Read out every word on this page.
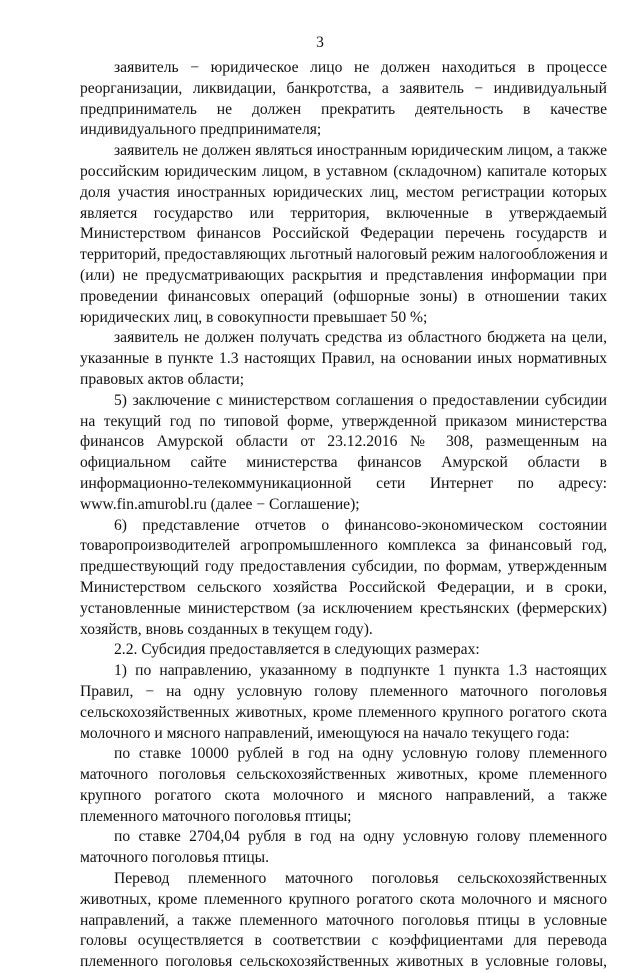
3
заявитель − юридическое лицо не должен находиться в процессе
реорганизации, ликвидации, банкротства, а заявитель − индивидуальный
предприниматель не должен прекратить деятельность в качестве
индивидуального предпринимателя;
заявитель не должен являться иностранным юридическим лицом, а также
российским юридическим лицом, в уставном (складочном) капитале которых
доля участия иностранных юридических лиц, местом регистрации которых
является государство или территория, включенные в утверждаемый
Министерством финансов Российской Федерации перечень государств и
территорий, предоставляющих льготный налоговый режим налогообложения и
(или) не предусматривающих раскрытия и представления информации при
проведении финансовых операций (офшорные зоны) в отношении таких
юридических лиц, в совокупности превышает 50 %;
заявитель не должен получать средства из областного бюджета на цели,
указанные в пункте 1.3 настоящих Правил, на основании иных нормативных
правовых актов области;
5) заключение с министерством соглашения о предоставлении субсидии
на текущий год по типовой форме, утвержденной приказом министерства
финансов Амурской области от 23.12.2016 № 308, размещенным на
официальном сайте министерства финансов Амурской области в
информационно-телекоммуникационной сети Интернет по адресу:
www.fin.amurobl.ru (далее − Соглашение);
6) представление отчетов о финансово-экономическом состоянии
товаропроизводителей агропромышленного комплекса за финансовый год,
предшествующий году предоставления субсидии, по формам, утвержденным
Министерством сельского хозяйства Российской Федерации, и в сроки,
установленные министерством (за исключением крестьянских (фермерских)
хозяйств, вновь созданных в текущем году).
2.2. Субсидия предоставляется в следующих размерах:
1) по направлению, указанному в подпункте 1 пункта 1.3 настоящих
Правил, − на одну условную голову племенного маточного поголовья
сельскохозяйственных животных, кроме племенного крупного рогатого скота
молочного и мясного направлений, имеющуюся на начало текущего года:
по ставке 10000 рублей в год на одну условную голову племенного
маточного поголовья сельскохозяйственных животных, кроме племенного
крупного рогатого скота молочного и мясного направлений, а также
племенного маточного поголовья птицы;
по ставке 2704,04 рубля в год на одну условную голову племенного
маточного поголовья птицы.
Перевод племенного маточного поголовья сельскохозяйственных
животных, кроме племенного крупного рогатого скота молочного и мясного
направлений, а также племенного маточного поголовья птицы в условные
головы осуществляется в соответствии с коэффициентами для перевода
племенного поголовья сельскохозяйственных животных в условные головы,
